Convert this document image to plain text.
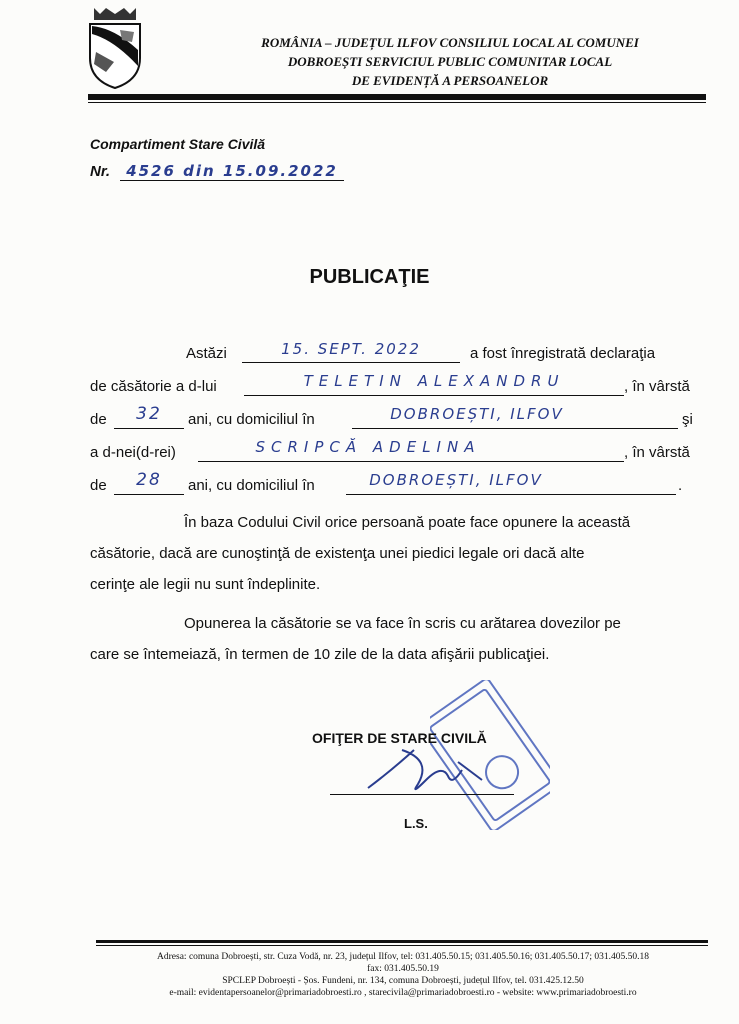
ROMÂNIA – JUDEȚUL ILFOV CONSILIUL LOCAL AL COMUNEI
DOBROEȘTI SERVICIUL PUBLIC COMUNITAR LOCAL
DE EVIDENȚĂ A PERSOANELOR
Compartiment Stare Civilă
Nr. 4526 din 15.09.2022
PUBLICAŢIE
Astăzi	15. SEPT. 2022	a fost înregistrată declaraţia
de căsătorie a d-lui	TELETIN ALEXANDRU	, în vârstă
de	32	ani, cu domiciliul în	DOBROEȘTI, ILFOV	şi
a d-nei(d-rei)	SCRIPCĂ ADELINA	, în vârstă
de	28	ani, cu domiciliul în	DOBROEȘTI, ILFOV	.
În baza Codului Civil orice persoană poate face opunere la această
căsătorie, dacă are cunoştinţă de existenţa unei piedici legale ori dacă alte
cerinţe ale legii nu sunt îndeplinite.
Opunerea la căsătorie se va face în scris cu arătarea dovezilor pe
care se întemeiază, în termen de 10 zile de la data afişării publicaţiei.
OFIŢER DE STARE CIVILĂ
L.S.
Adresa: comuna Dobroești, str. Cuza Vodă, nr. 23, județul Ilfov, tel: 031.405.50.15; 031.405.50.16; 031.405.50.17; 031.405.50.18
fax: 031.405.50.19
SPCLEP Dobroești - Șos. Fundeni, nr. 134, comuna Dobroești, județul Ilfov, tel. 031.425.12.50
e-mail: evidentapersoanelor@primariadobroesti.ro , starecivila@primariadobroesti.ro - website: www.primariadobroesti.ro
